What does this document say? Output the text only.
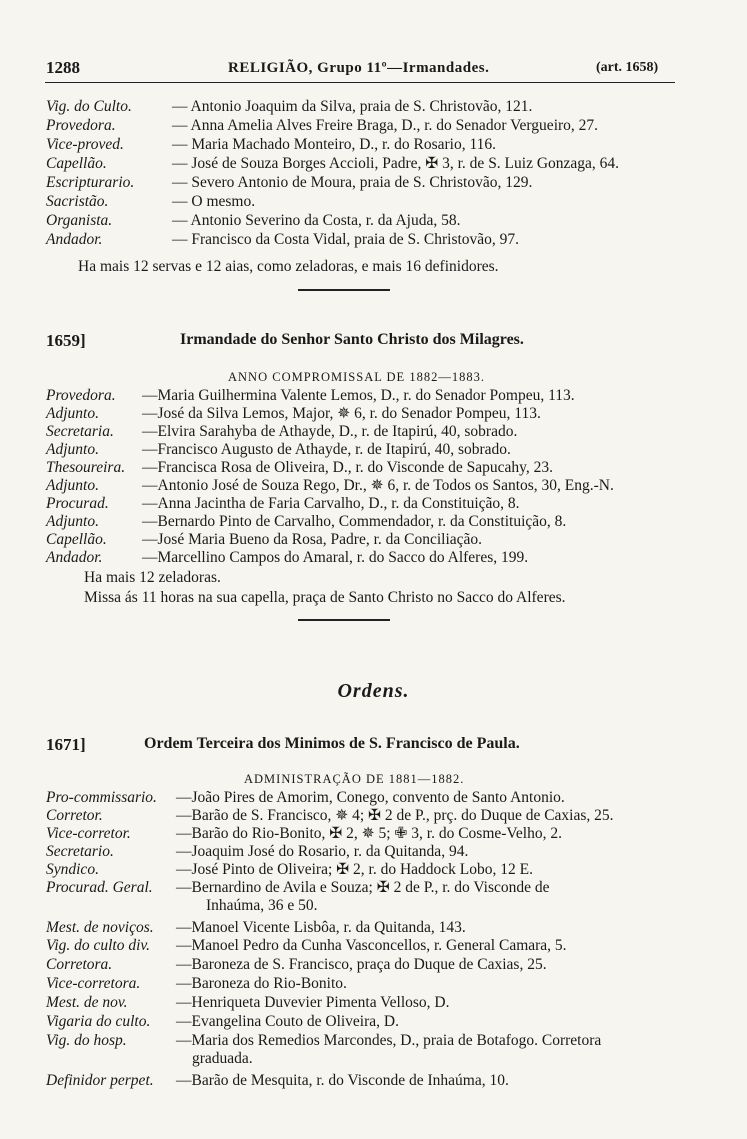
1288	RELIGIÃO, Grupo 11º—Irmandades.	(art. 1658)
Vig. do Culto.	— Antonio Joaquim da Silva, praia de S. Christovão, 121.
Provedora.	— Anna Amelia Alves Freire Braga, D., r. do Senador Vergueiro, 27.
Vice-proved.	— Maria Machado Monteiro, D., r. do Rosario, 116.
Capellão.	— José de Souza Borges Accioli, Padre, ✠ 3, r. de S. Luiz Gonzaga, 64.
Escripturario. — Severo Antonio de Moura, praia de S. Christovão, 129.
Sacristão.	— O mesmo.
Organista.	— Antonio Severino da Costa, r. da Ajuda, 58.
Andador.	— Francisco da Costa Vidal, praia de S. Christovão, 97.
Ha mais 12 servas e 12 aias, como zeladoras, e mais 16 definidores.
1659]	Irmandade do Senhor Santo Christo dos Milagres.
ANNO COMPROMISSAL DE 1882—1883.
Provedora. —Maria Guilhermina Valente Lemos, D., r. do Senador Pompeu, 113.
Adjunto.	—José da Silva Lemos, Major, ✵ 6, r. do Senador Pompeu, 113.
Secretaria. —Elvira Sarahyba de Athayde, D., r. de Itapirú, 40, sobrado.
Adjunto.	—Francisco Augusto de Athayde, r. de Itapirú, 40, sobrado.
Thesoureira. —Francisca Rosa de Oliveira, D., r. do Visconde de Sapucahy, 23.
Adjunto.	—Antonio José de Souza Rego, Dr., ✵ 6, r. de Todos os Santos, 30, Eng.-N.
Procurad. —Anna Jacintha de Faria Carvalho, D., r. da Constituição, 8.
Adjunto.	—Bernardo Pinto de Carvalho, Commendador, r. da Constituição, 8.
Capellão. —José Maria Bueno da Rosa, Padre, r. da Conciliação.
Andador.	—Marcellino Campos do Amaral, r. do Sacco do Alferes, 199.
Ha mais 12 zeladoras.
Missa ás 11 horas na sua capella, praça de Santo Christo no Sacco do Alferes.
Ordens.
1671]	Ordem Terceira dos Minimos de S. Francisco de Paula.
ADMINISTRAÇÃO DE 1881—1882.
Pro-commissario. —João Pires de Amorim, Conego, convento de Santo Antonio.
Corretor.	—Barão de S. Francisco, ✵ 4; ✠ 2 de P., prç. do Duque de Caxias, 25.
Vice-corretor.	—Barão do Rio-Bonito, ✠ 2, ✵ 5; ✙ 3, r. do Cosme-Velho, 2.
Secretario.	—Joaquim José do Rosario, r. da Quitanda, 94.
Syndico.	—José Pinto de Oliveira; ✠ 2, r. do Haddock Lobo, 12 E.
Procurad. Geral. —Bernardino de Avila e Souza; ✠ 2 de P., r. do Visconde de
Inhaúma, 36 e 50.
Mest. de noviços. —Manoel Vicente Lisbôa, r. da Quitanda, 143.
Vig. do culto div. —Manoel Pedro da Cunha Vasconcellos, r. General Camara, 5.
Corretora.	—Baroneza de S. Francisco, praça do Duque de Caxias, 25.
Vice-corretora. —Baroneza do Rio-Bonito.
Mest. de nov.	—Henriqueta Duvevier Pimenta Velloso, D.
Vigaria do culto. —Evangelina Couto de Oliveira, D.
Vig. do hosp.	—Maria dos Remedios Marcondes, D., praia de Botafogo. Corretora
graduada.
Definidor perpet. —Barão de Mesquita, r. do Visconde de Inhaúma, 10.
